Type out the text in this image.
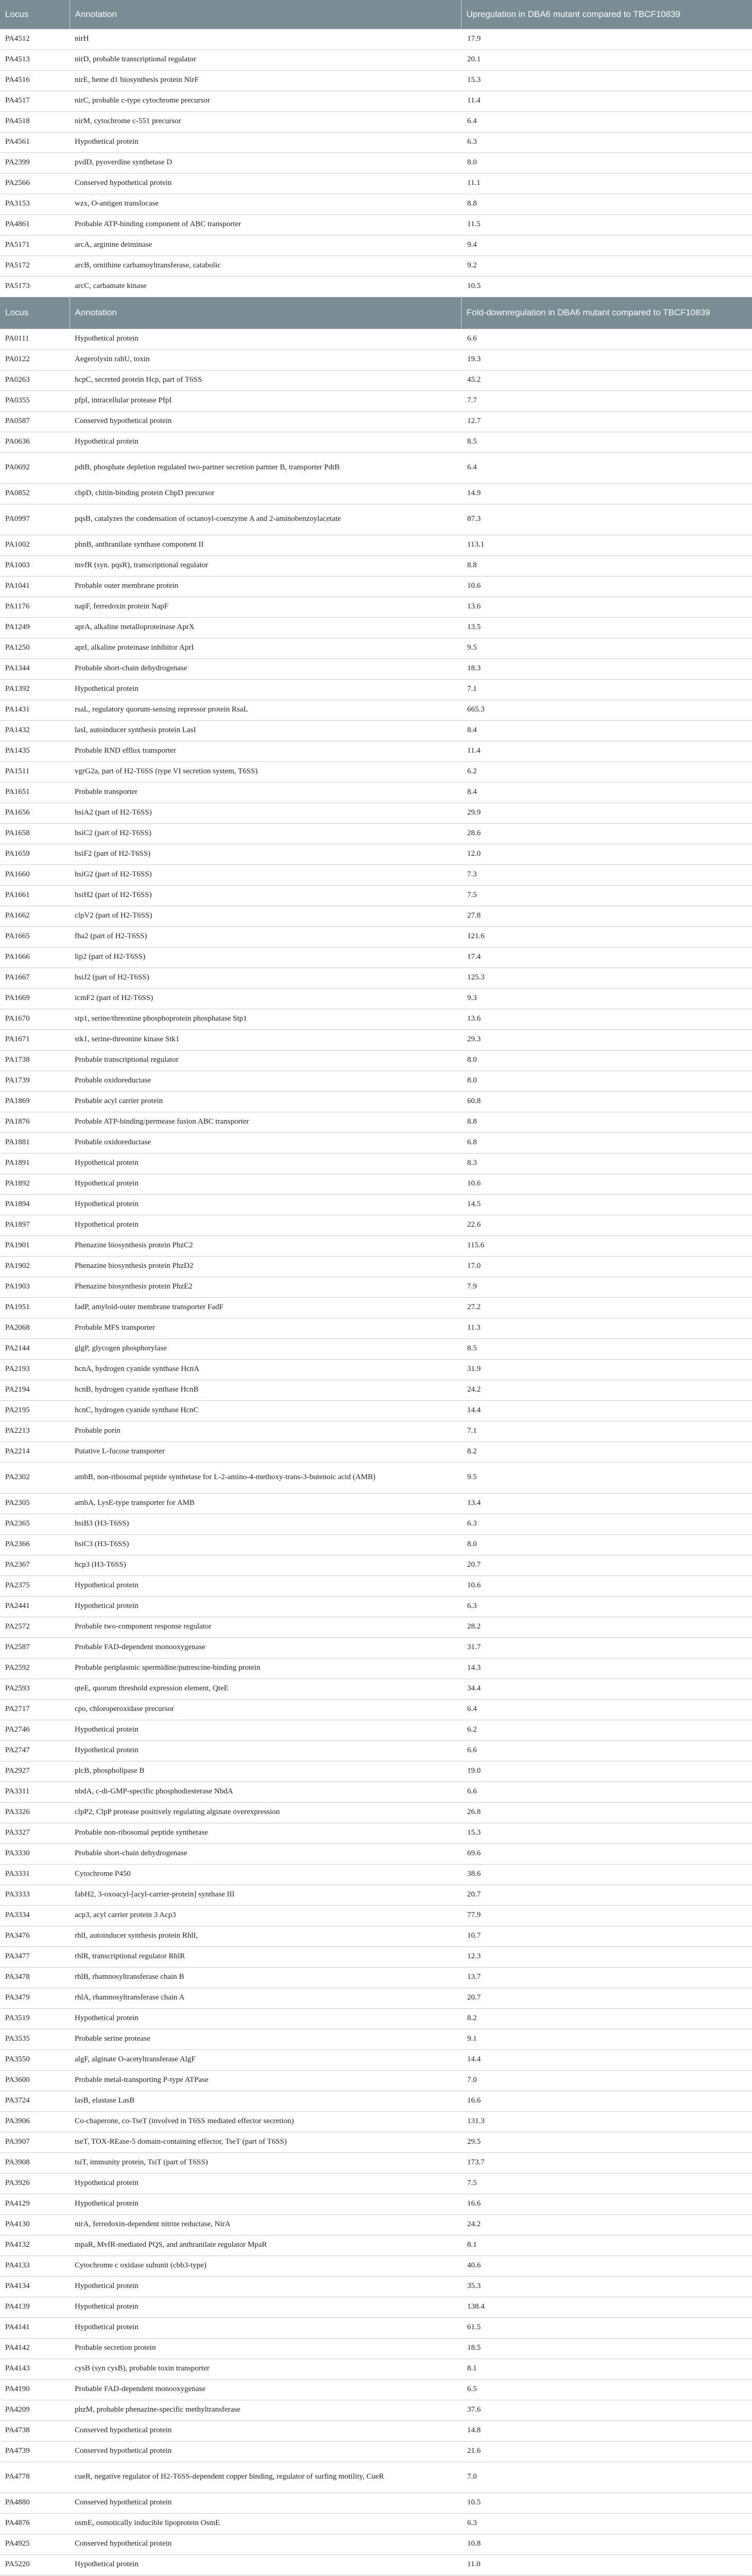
Locus	Annotation	Upregulation in DBA6 mutant compared to TBCF10839
PA4512	nirH	17.9
PA4513	nirD, probable transcriptional regulator	20.1
PA4516	nirE, heme d1 biosynthesis protein NirF	15.3
PA4517	nirC, probable c-type cytochrome precursor	11.4
PA4518	nirM, cytochrome c-551 precursor	6.4
PA4561	Hypothetical protein	6.3
PA2399	pvdD, pyoverdine synthetase D	8.0
PA2566	Conserved hypothetical protein	11.1
PA3153	wzx, O-antigen translocase	8.8
PA4861	Probable ATP-binding component of ABC transporter	11.5
PA5171	arcA, arginine deiminase	9.4
PA5172	arcB, ornithine carbamoyltransferase, catabolic	9.2
PA5173	arcC, carbamate kinase	10.5
Locus	Annotation	Fold-downregulation in DBA6 mutant compared to TBCF10839
PA0111	Hypothetical protein	6.6
PA0122	Aegerolysin rahU, toxin	19.3
PA0263	hcpC, secreted protein Hcp, part of T6SS	45.2
PA0355	pfpI, intracellular protease PfpI	7.7
PA0587	Conserved hypothetical protein	12.7
PA0636	Hypothetical protein	8.5
PA0692	pdtB, phosphate depletion regulated two-partner secretion partner B, transporter PdtB	6.4
PA0852	cbpD, chitin-binding protein CbpD precursor	14.9
PA0997	pqsB, catalyzes the condensation of octanoyl-coenzyme A and 2-aminobenzoylacetate	87.3
PA1002	phnB, anthranilate synthase component II	113.1
PA1003	mvfR (syn. pqsR), transcriptional regulator	8.8
PA1041	Probable outer membrane protein	10.6
PA1176	napF, ferredoxin protein NapF	13.6
PA1249	aprA, alkaline metalloproteinase AprX	13.5
PA1250	aprI, alkaline proteinase inhibitor AprI	9.5
PA1344	Probable short-chain dehydrogenase	18.3
PA1392	Hypothetical protein	7.1
PA1431	rsaL, regulatory quorum-sensing repressor protein RsaL	665.3
PA1432	lasI, autoinducer synthesis protein LasI	8.4
PA1435	Probable RND efflux transporter	11.4
PA1511	vgrG2a, part of H2-T6SS (type VI secretion system, T6SS)	6.2
PA1651	Probable transporter	8.4
PA1656	hsiA2 (part of H2-T6SS)	29.9
PA1658	hsiC2 (part of H2-T6SS)	28.6
PA1659	hsiF2 (part of H2-T6SS)	12.0
PA1660	hsiG2 (part of H2-T6SS)	7.3
PA1661	hsiH2 (part of H2-T6SS)	7.5
PA1662	clpV2 (part of H2-T6SS)	27.8
PA1665	fha2 (part of H2-T6SS)	121.6
PA1666	lip2 (part of H2-T6SS)	17.4
PA1667	hsiJ2 (part of H2-T6SS)	125.3
PA1669	icmF2 (part of H2-T6SS)	9.3
PA1670	stp1, serine/threonine phosphoprotein phosphatase Stp1	13.6
PA1671	stk1, serine-threonine kinase Stk1	29.3
PA1738	Probable transcriptional regulator	8.0
PA1739	Probable oxidoreductase	8.0
PA1869	Probable acyl carrier protein	60.8
PA1876	Probable ATP-binding/permease fusion ABC transporter	8.8
PA1881	Probable oxidoreductase	6.8
PA1891	Hypothetical protein	8.3
PA1892	Hypothetical protein	10.6
PA1894	Hypothetical protein	14.5
PA1897	Hypothetical protein	22.6
PA1901	Phenazine biosynthesis protein PhzC2	115.6
PA1902	Phenazine biosynthesis protein PhzD2	17.0
PA1903	Phenazine biosynthesis protein PhzE2	7.9
PA1951	fadP, amyloid-outer membrane transporter FadF	27.2
PA2068	Probable MFS transporter	11.3
PA2144	glgP, glycogen phosphorylase	8.5
PA2193	hcnA, hydrogen cyanide synthase HcnA	31.9
PA2194	hcnB, hydrogen cyanide synthase HcnB	24.2
PA2195	hcnC, hydrogen cyanide synthase HcnC	14.4
PA2213	Probable porin	7.1
PA2214	Putative L-fucose transporter	8.2
PA2302	ambB, non-ribosomal peptide synthetase for L-2-amino-4-methoxy-trans-3-butenoic acid (AMB)	9.5
PA2305	ambA, LysE-type transporter for AMB	13.4
PA2365	hsiB3 (H3-T6SS)	6.3
PA2366	hsiC3 (H3-T6SS)	8.0
PA2367	hcp3 (H3-T6SS)	20.7
PA2375	Hypothetical protein	10.6
PA2441	Hypothetical protein	6.3
PA2572	Probable two-component response regulator	28.2
PA2587	Probable FAD-dependent monooxygenase	31.7
PA2592	Probable periplasmic spermidine/putrescine-binding protein	14.3
PA2593	qteE, quorum threshold expression element, QteE	34.4
PA2717	cpo, chloroperoxidase precursor	6.4
PA2746	Hypothetical protein	6.2
PA2747	Hypothetical protein	6.6
PA2927	plcB, phospholipase B	19.0
PA3311	nbdA, c-di-GMP-specific phosphodiesterase NbdA	6.6
PA3326	clpP2, ClpP protease positively regulating alginate overexpression	26.8
PA3327	Probable non-ribosomal peptide synthetase	15.3
PA3330	Probable short-chain dehydrogenase	69.6
PA3331	Cytochrome P450	38.6
PA3333	fabH2, 3-oxoacyl-[acyl-carrier-protein] synthase III	20.7
PA3334	acp3, acyl carrier protein 3 Acp3	77.9
PA3476	rhlI, autoinducer synthesis protein RhlI,	10.7
PA3477	rhlR, transcriptional regulator RhlR	12.3
PA3478	rhlB, rhamnosyltransferase chain B	13.7
PA3479	rhlA, rhamnosyltransferase chain A	20.7
PA3519	Hypothetical protein	8.2
PA3535	Probable serine protease	9.1
PA3550	algF, alginate O-acetyltransferase AlgF	14.4
PA3600	Probable metal-transporting P-type ATPase	7.0
PA3724	lasB, elastase LasB	16.6
PA3906	Co-chaperone, co-TseT (involved in T6SS mediated effector secretion)	131.3
PA3907	tseT, TOX-REase-5 domain-containing effector, TseT (part of T6SS)	29.5
PA3908	tsiT, immunity protein, TsiT (part of T6SS)	173.7
PA3926	Hypothetical protein	7.5
PA4129	Hypothetical protein	16.6
PA4130	nirA, ferredoxin-dependent nitrite reductase, NirA	24.2
PA4132	mpaR, MvfR-mediated PQS, and anthranilate regulator MpaR	8.1
PA4133	Cytochrome c oxidase subunit (cbb3-type)	40.6
PA4134	Hypothetical protein	35.3
PA4139	Hypothetical protein	138.4
PA4141	Hypothetical protein	61.5
PA4142	Probable secretion protein	18.5
PA4143	cysB (syn cysB), probable toxin transporter	8.1
PA4190	Probable FAD-dependent monooxygenase	6.5
PA4209	phzM, probable phenazine-specific methyltransferase	37.6
PA4738	Conserved hypothetical protein	14.8
PA4739	Conserved hypothetical protein	21.6
PA4778	cueR, negative regulator of H2-T6SS-dependent copper binding, regulator of surfing motility, CueR	7.0
PA4880	Conserved hypothetical protein	10.5
PA4876	osmE, osmotically inducible lipoprotein OsmE	6.3
PA4925	Conserved hypothetical protein	10.8
PA5220	Hypothetical protein	11.0
